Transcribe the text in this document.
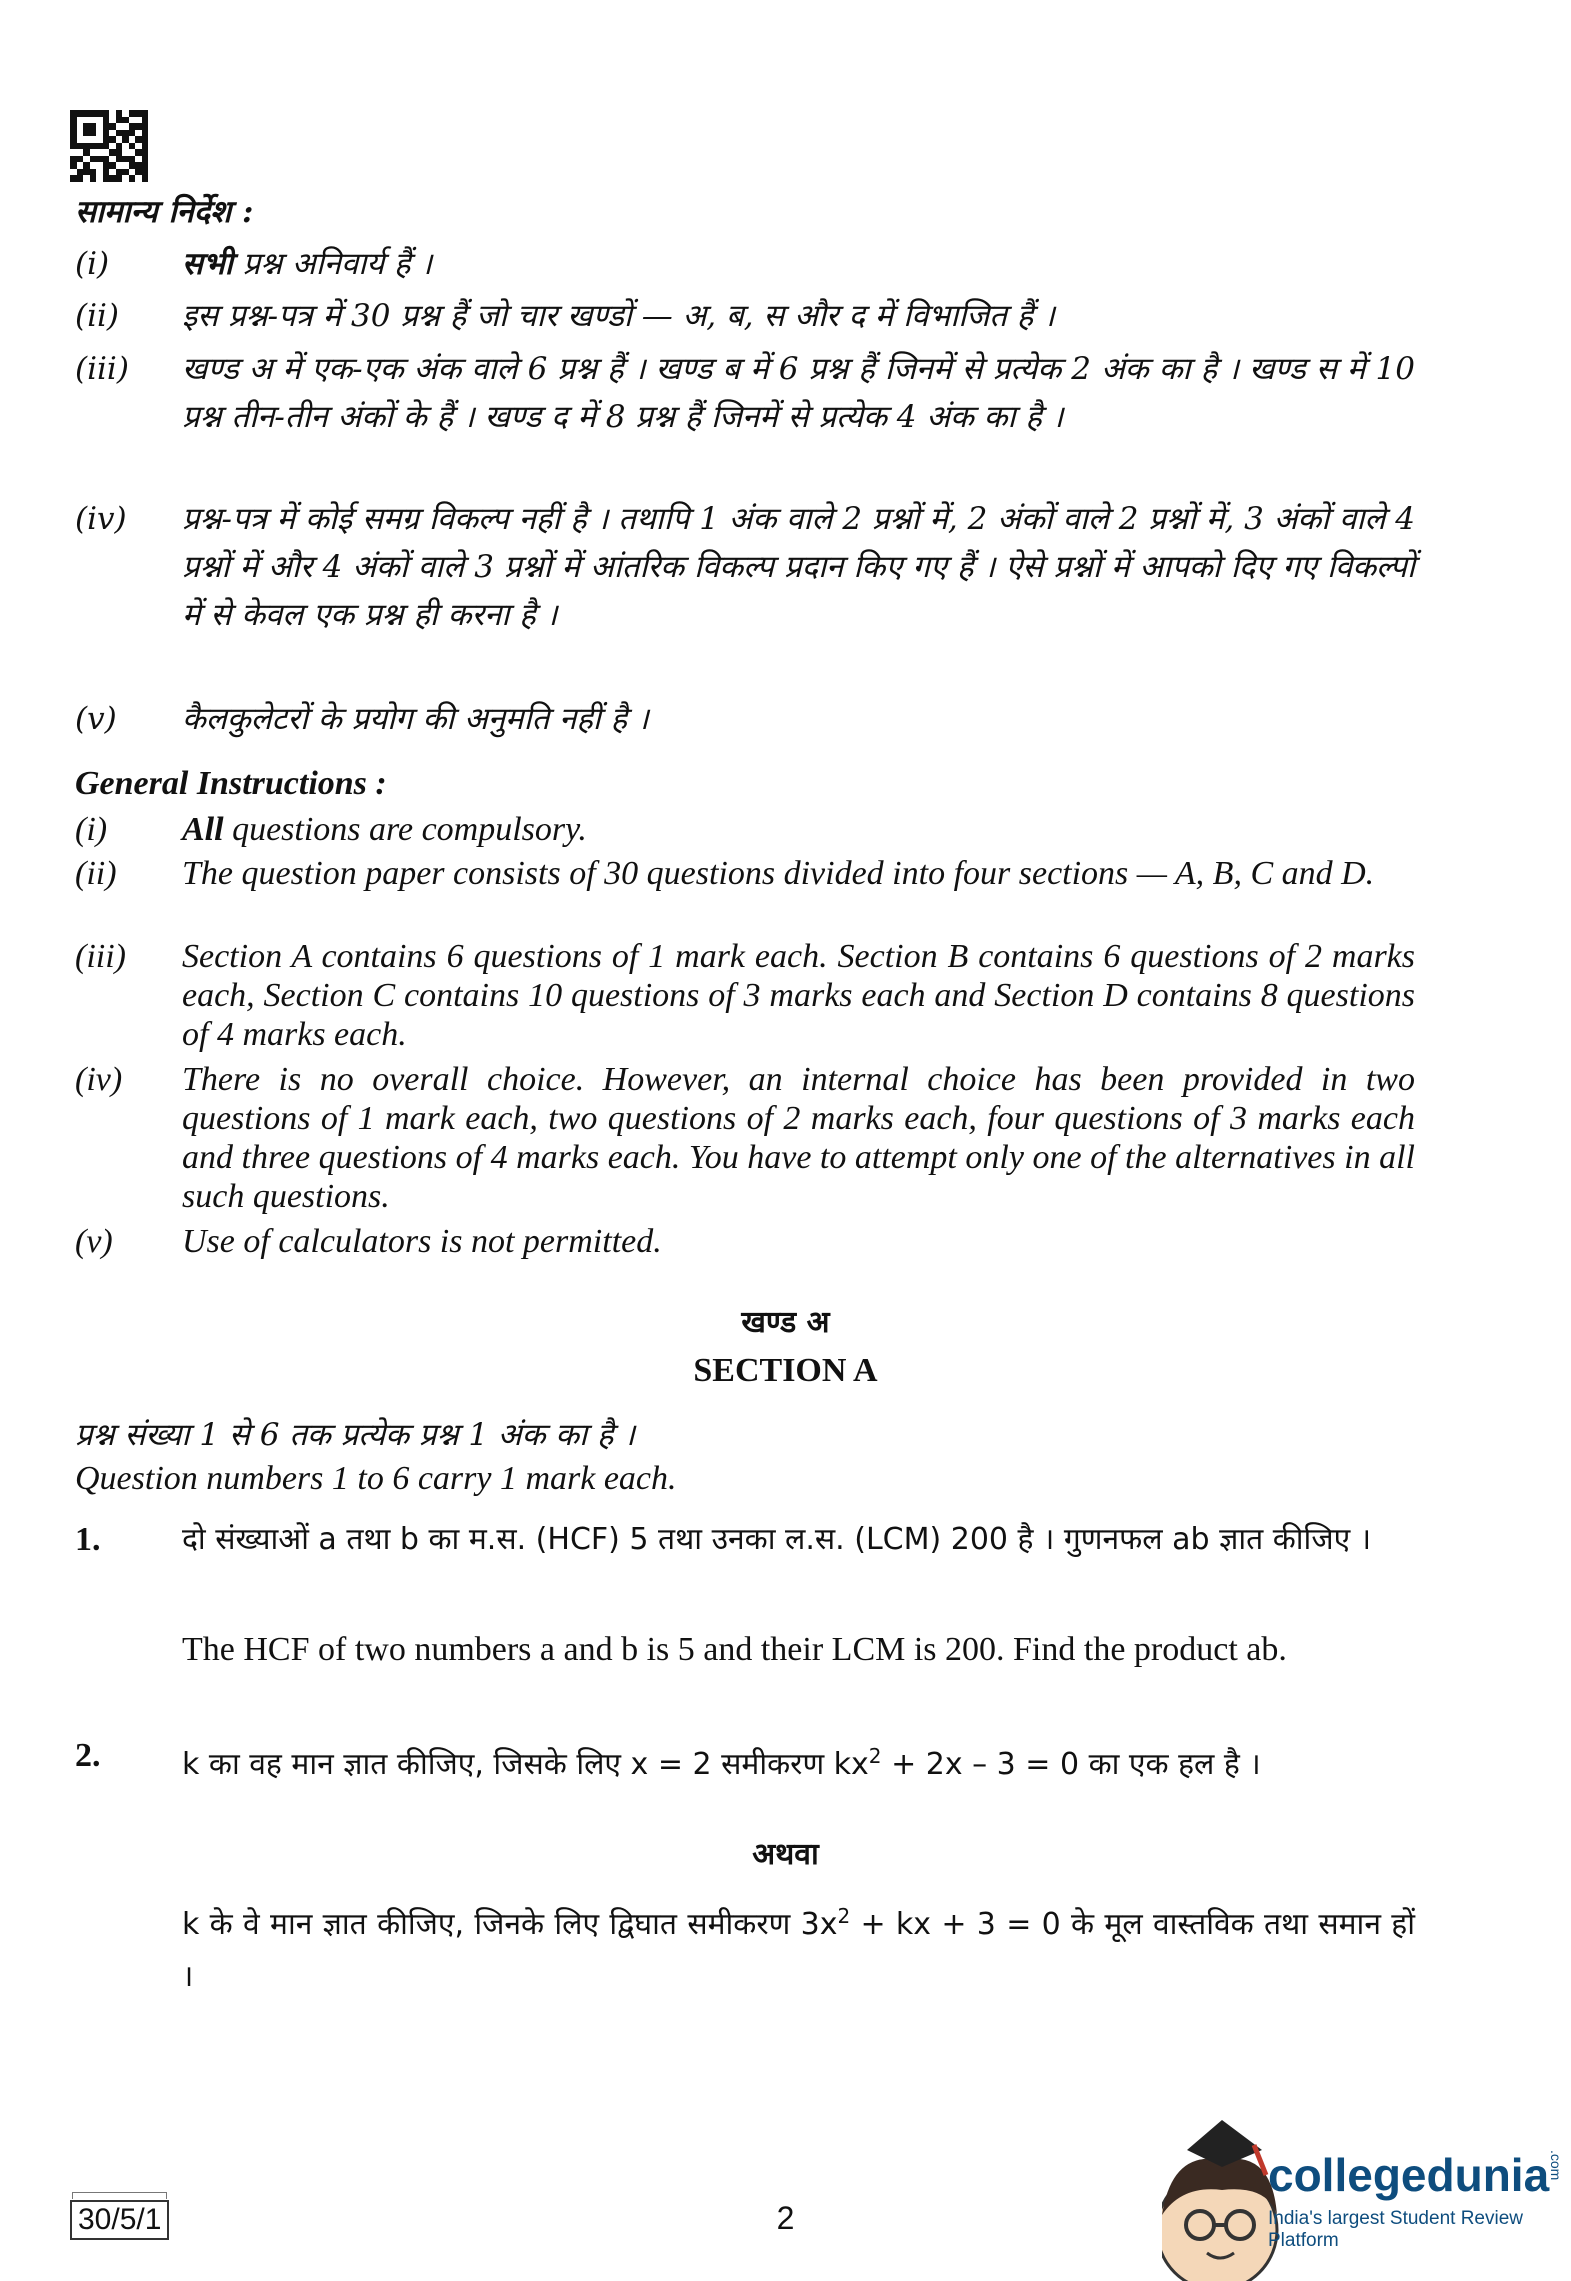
सामान्य निर्देश :
(i)	सभी प्रश्न अनिवार्य हैं ।
(ii)	इस प्रश्न-पत्र में 30 प्रश्न हैं जो चार खण्डों — अ, ब, स और द में विभाजित हैं ।
(iii)	खण्ड अ में एक-एक अंक वाले 6 प्रश्न हैं । खण्ड ब में 6 प्रश्न हैं जिनमें से प्रत्येक 2 अंक का है । खण्ड स में 10 प्रश्न तीन-तीन अंकों के हैं । खण्ड द में 8 प्रश्न हैं जिनमें से प्रत्येक 4 अंक का है ।
(iv)	प्रश्न-पत्र में कोई समग्र विकल्प नहीं है । तथापि 1 अंक वाले 2 प्रश्नों में, 2 अंकों वाले 2 प्रश्नों में, 3 अंकों वाले 4 प्रश्नों में और 4 अंकों वाले 3 प्रश्नों में आंतरिक विकल्प प्रदान किए गए हैं । ऐसे प्रश्नों में आपको दिए गए विकल्पों में से केवल एक प्रश्न ही करना है ।
(v)	कैलकुलेटरों के प्रयोग की अनुमति नहीं है ।
General Instructions :
(i)	All questions are compulsory.
(ii)	The question paper consists of 30 questions divided into four sections — A, B, C and D.
(iii)	Section A contains 6 questions of 1 mark each. Section B contains 6 questions of 2 marks each, Section C contains 10 questions of 3 marks each and Section D contains 8 questions of 4 marks each.
(iv)	There is no overall choice. However, an internal choice has been provided in two questions of 1 mark each, two questions of 2 marks each, four questions of 3 marks each and three questions of 4 marks each. You have to attempt only one of the alternatives in all such questions.
(v)	Use of calculators is not permitted.
खण्ड अ
SECTION A
प्रश्न संख्या 1 से 6 तक प्रत्येक प्रश्न 1 अंक का है ।
Question numbers 1 to 6 carry 1 mark each.
1.	दो संख्याओं a तथा b का म.स. (HCF) 5 तथा उनका ल.स. (LCM) 200 है । गुणनफल ab ज्ञात कीजिए ।
The HCF of two numbers a and b is 5 and their LCM is 200. Find the product ab.
2.	k का वह मान ज्ञात कीजिए, जिसके लिए x = 2 समीकरण $kx^2 + 2x - 3 = 0$ का एक हल है ।
अथवा
k के वे मान ज्ञात कीजिए, जिनके लिए द्विघात समीकरण $3x^2$ + kx + 3 = 0 के मूल वास्तविक तथा समान हों ।
30/5/1	2
collegedunia
.com
India's largest Student Review Platform
